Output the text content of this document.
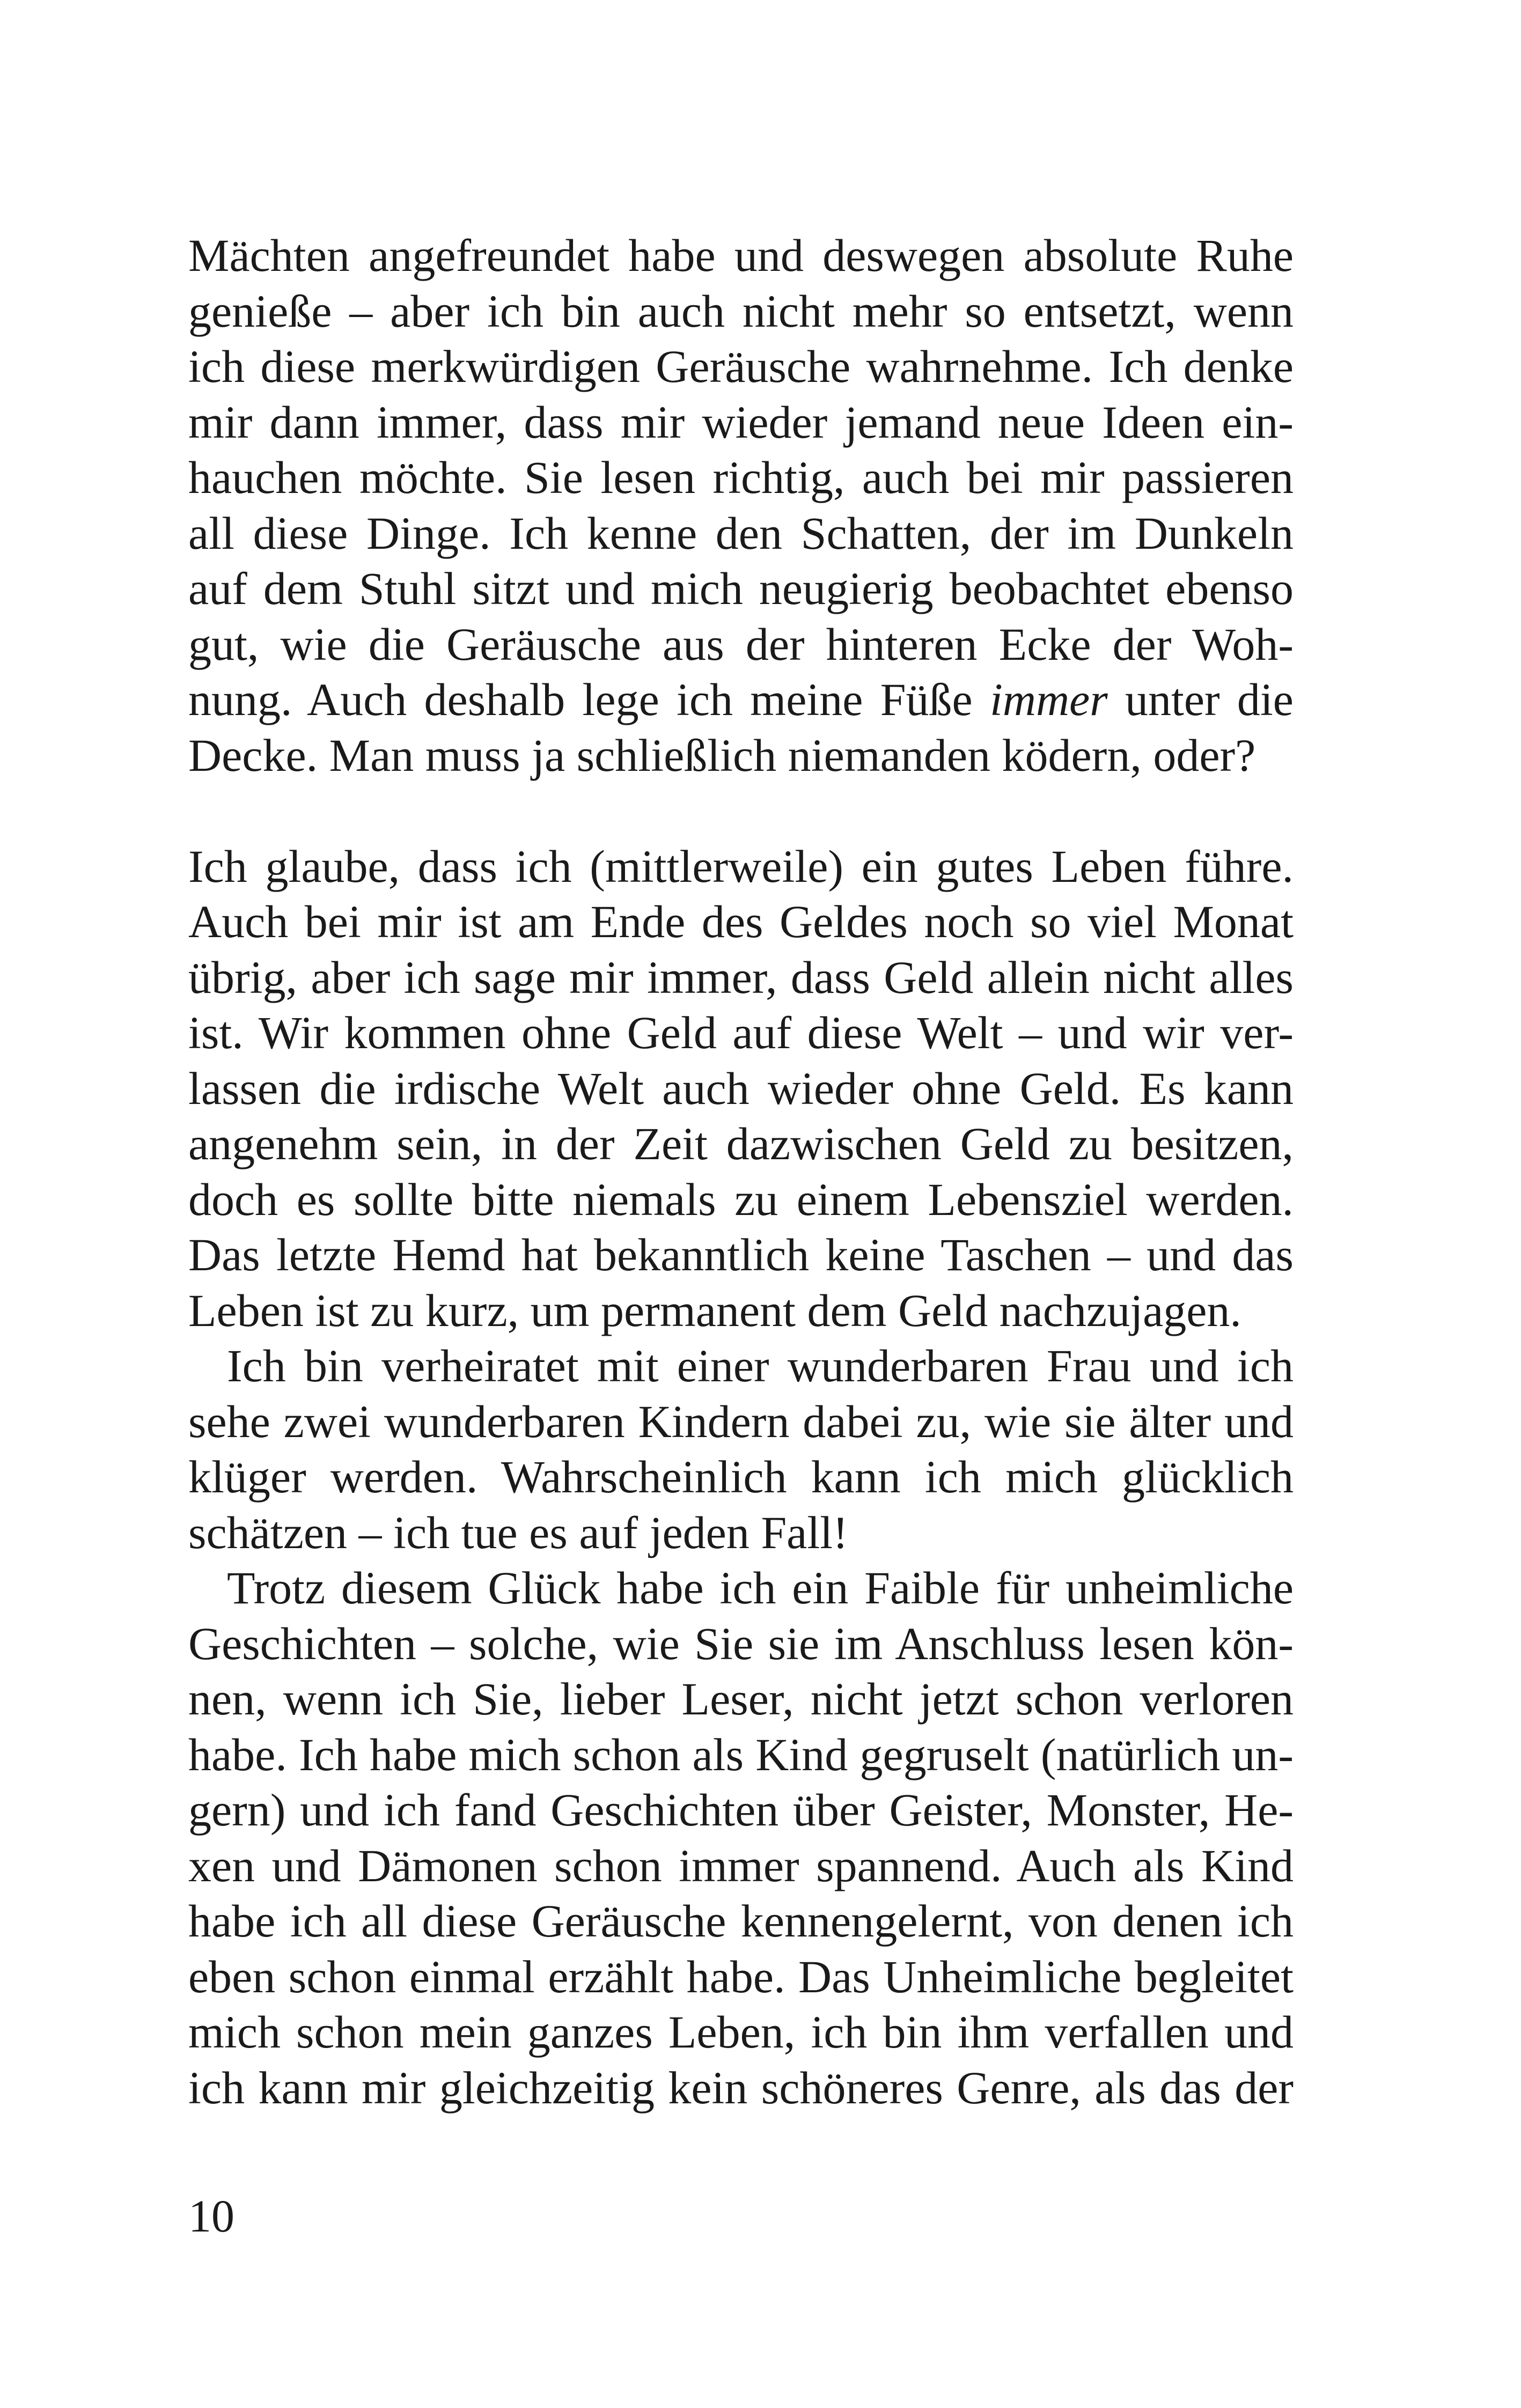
Mächten angefreundet habe und deswegen absolute Ruhe
genieße – aber ich bin auch nicht mehr so entsetzt, wenn
ich diese merkwürdigen Geräusche wahrnehme. Ich denke
mir dann immer, dass mir wieder jemand neue Ideen ein-
hauchen möchte. Sie lesen richtig, auch bei mir passieren
all diese Dinge. Ich kenne den Schatten, der im Dunkeln
auf dem Stuhl sitzt und mich neugierig beobachtet ebenso
gut, wie die Geräusche aus der hinteren Ecke der Woh-
nung. Auch deshalb lege ich meine Füße immer unter die
Decke. Man muss ja schließlich niemanden ködern, oder?
Ich glaube, dass ich (mittlerweile) ein gutes Leben führe.
Auch bei mir ist am Ende des Geldes noch so viel Monat
übrig, aber ich sage mir immer, dass Geld allein nicht alles
ist. Wir kommen ohne Geld auf diese Welt – und wir ver-
lassen die irdische Welt auch wieder ohne Geld. Es kann
angenehm sein, in der Zeit dazwischen Geld zu besitzen,
doch es sollte bitte niemals zu einem Lebensziel werden.
Das letzte Hemd hat bekanntlich keine Taschen – und das
Leben ist zu kurz, um permanent dem Geld nachzujagen.
Ich bin verheiratet mit einer wunderbaren Frau und ich
sehe zwei wunderbaren Kindern dabei zu, wie sie älter und
klüger werden. Wahrscheinlich kann ich mich glücklich
schätzen – ich tue es auf jeden Fall!
Trotz diesem Glück habe ich ein Faible für unheimliche
Geschichten – solche, wie Sie sie im Anschluss lesen kön-
nen, wenn ich Sie, lieber Leser, nicht jetzt schon verloren
habe. Ich habe mich schon als Kind gegruselt (natürlich un-
gern) und ich fand Geschichten über Geister, Monster, He-
xen und Dämonen schon immer spannend. Auch als Kind
habe ich all diese Geräusche kennengelernt, von denen ich
eben schon einmal erzählt habe. Das Unheimliche begleitet
mich schon mein ganzes Leben, ich bin ihm verfallen und
ich kann mir gleichzeitig kein schöneres Genre, als das der
10
